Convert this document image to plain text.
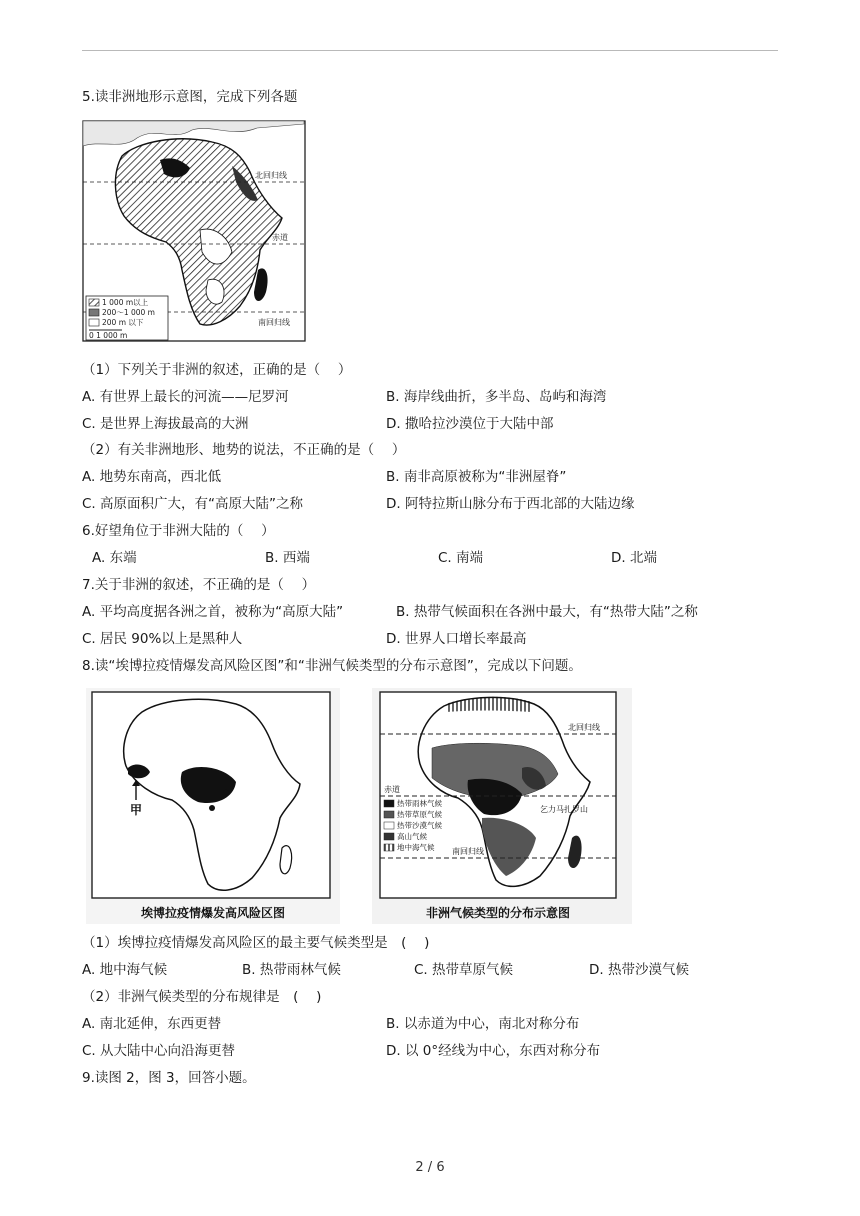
5.读非洲地形示意图，完成下列各题
北回归线
赤道
南回归线
1 000 m以上
200～1 000 m
200 m 以下
0 1 000 m
（1）下列关于非洲的叙述，正确的是（　 ）
A. 有世界上最长的河流——尼罗河	B. 海岸线曲折，多半岛、岛屿和海湾
C. 是世界上海拔最高的大洲	D. 撒哈拉沙漠位于大陆中部
（2）有关非洲地形、地势的说法，不正确的是（　 ）
A. 地势东南高，西北低	B. 南非高原被称为“非洲屋脊”
C. 高原面积广大，有“高原大陆”之称	D. 阿特拉斯山脉分布于西北部的大陆边缘
6.好望角位于非洲大陆的（　 ）
A. 东端	B. 西端	C. 南端	D. 北端
7.关于非洲的叙述，不正确的是（　 ）
A. 平均高度据各洲之首，被称为“高原大陆”	B. 热带气候面积在各洲中最大，有“热带大陆”之称
C. 居民 90%以上是黑种人	D. 世界人口增长率最高
8.读“埃博拉疫情爆发高风险区图”和“非洲气候类型的分布示意图”，完成以下问题。
甲
埃博拉疫情爆发高风险区图
北回归线
赤道
南回归线
乞力马扎罗山
热带雨林气候
热带草原气候
热带沙漠气候
高山气候
地中海气候
非洲气候类型的分布示意图
（1）埃博拉疫情爆发高风险区的最主要气候类型是　(　 )
A. 地中海气候	B. 热带雨林气候	C. 热带草原气候	D. 热带沙漠气候
（2）非洲气候类型的分布规律是　(　 )
A. 南北延伸，东西更替	B. 以赤道为中心，南北对称分布
C. 从大陆中心向沿海更替	D. 以 0°经线为中心，东西对称分布
9.读图 2，图 3，回答小题。
2 / 6
